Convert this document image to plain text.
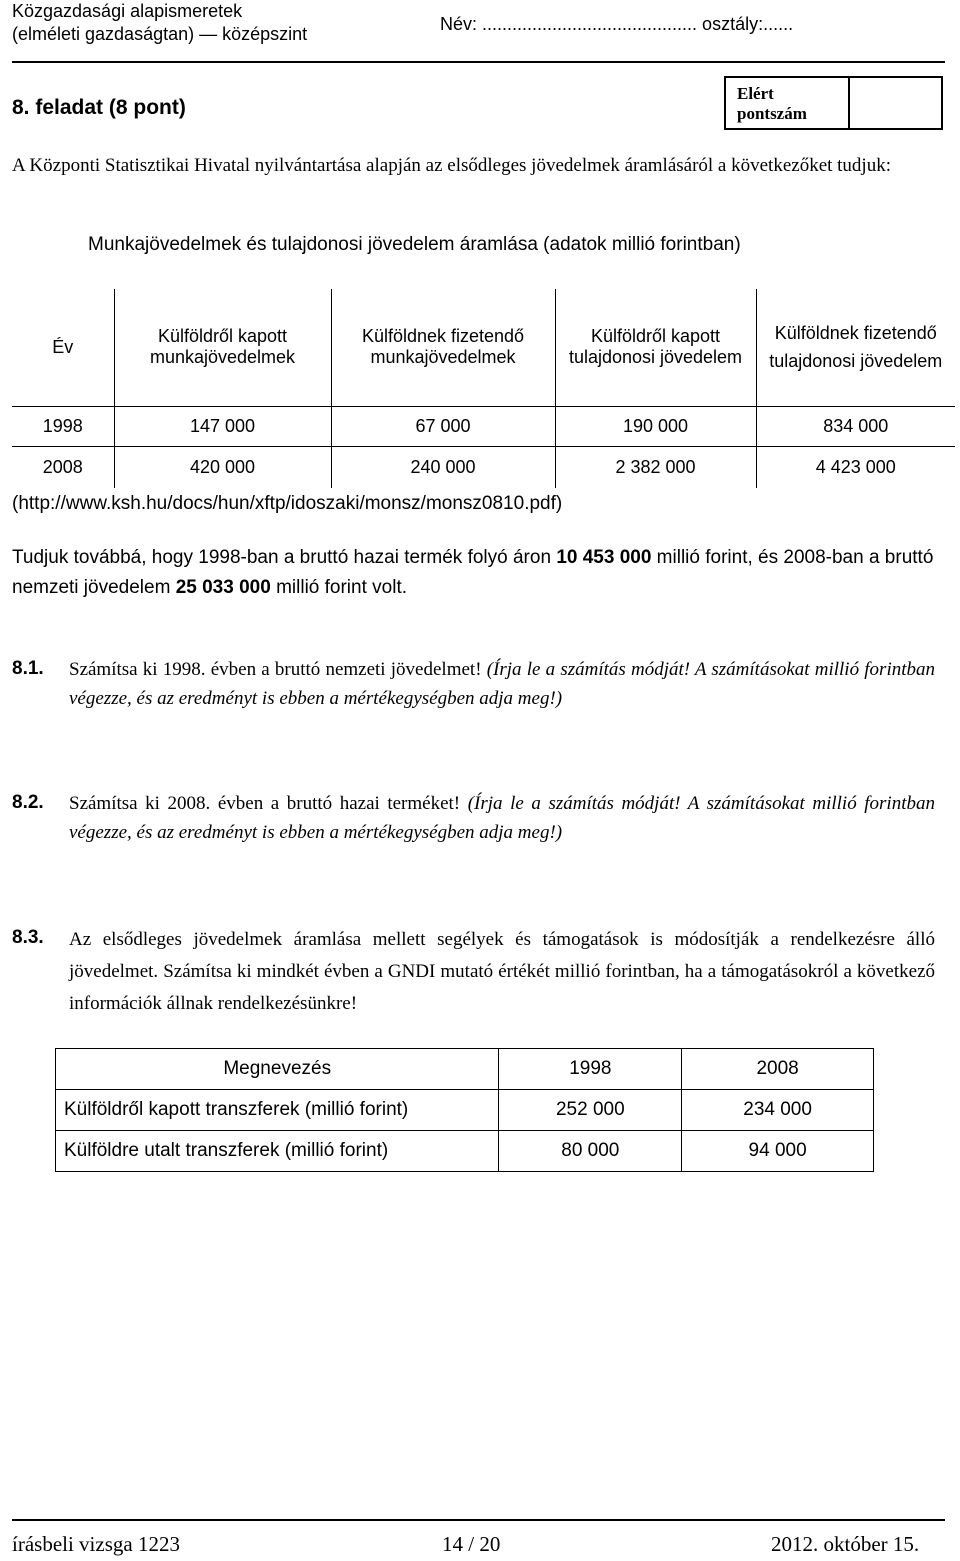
Közgazdasági alapismeretek
(elméleti gazdaságtan) — középszint	Név: ........................................... osztály:......
8. feladat (8 pont)
Elért pontszám
A Központi Statisztikai Hivatal nyilvántartása alapján az elsődleges jövedelmek áramlásáról a következőket tudjuk:
Munkajövedelmek és tulajdonosi jövedelem áramlása (adatok millió forintban)
Év	Külföldről kapott munkajövedelmek	Külföldnek fizetendő munkajövedelmek	Külföldről kapott tulajdonosi jövedelem	Külföldnek fizetendő tulajdonosi jövedelem
1998	147 000	67 000	190 000	834 000
2008	420 000	240 000	2 382 000	4 423 000
(http://www.ksh.hu/docs/hun/xftp/idoszaki/monsz/monsz0810.pdf)
Tudjuk továbbá, hogy 1998-ban a bruttó hazai termék folyó áron 10 453 000 millió forint, és 2008-ban a bruttó nemzeti jövedelem 25 033 000 millió forint volt.
8.1. Számítsa ki 1998. évben a bruttó nemzeti jövedelmet! (Írja le a számítás módját! A számításokat millió forintban végezze, és az eredményt is ebben a mértékegységben adja meg!)
8.2. Számítsa ki 2008. évben a bruttó hazai terméket! (Írja le a számítás módját! A számításokat millió forintban végezze, és az eredményt is ebben a mértékegységben adja meg!)
8.3. Az elsődleges jövedelmek áramlása mellett segélyek és támogatások is módosítják a rendelkezésre álló jövedelmet. Számítsa ki mindkét évben a GNDI mutató értékét millió forintban, ha a támogatásokról a következő információk állnak rendelkezésünkre!
Megnevezés	1998	2008
Külföldről kapott transzferek (millió forint)	252 000	234 000
Külföldre utalt transzferek (millió forint)	80 000	94 000
írásbeli vizsga 1223	14 / 20	2012. október 15.
